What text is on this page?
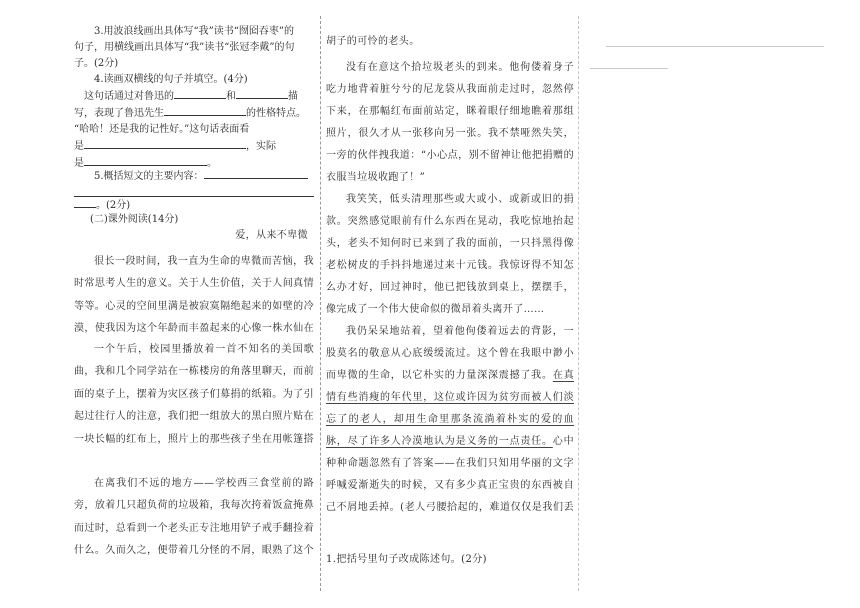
3.用波浪线画出具体写“我”读书“囫囵吞枣”的
句子，用横线画出具体写“我”读书“张冠李戴”的句
子。(2分)
4.读画双横线的句子并填空。(4分)
这句话通过对鲁迅的	和	描
写，表现了鲁迅先生	的性格特点。
“哈哈！还是我的记性好。”这句话表面看
是	，实际
是	。
5.概括短文的主要内容：
。(2分)
(二)课外阅读(14分)
爱，从来不卑微
很长一段时间，我一直为生命的卑微而苦恼，我时常思考人生的意义。关于人生价值，关于人间真情等等。心灵的空间里满是被寂寞隔绝起来的如壁的冷漠，使我因为这个年龄而丰盈起来的心像一株水仙在
一个午后，校园里播放着一首不知名的美国歌曲，我和几个同学站在一栋楼房的角落里聊天，而前面的桌子上，摆着为灾区孩子们募捐的纸箱。为了引起过往行人的注意，我们把一组放大的黑白照片贴在一块长幅的红布上，照片上的那些孩子坐在用帐篷搭
在离我们不远的地方——学校西三食堂前的路旁，放着几只超负荷的垃圾箱，我每次挎着饭盒掩鼻而过时，总看到一个老头正专注地用铲子戒手翻捡着什么。久而久之，便带着几分怪的不屑，眼熟了这个
胡子的可怜的老头。
没有在意这个拾垃圾老头的到来。他佝偻着身子吃力地背着脏兮兮的尼龙袋从我面前走过时，忽然停下来，在那幅红布面前站定，眯着眼仔细地瞧着那组照片，很久才从一张移向另一张。我不禁哑然失笑，一旁的伙伴拽我道：“小心点，别不留神让他把捐赠的衣服当垃圾收跑了！”
我笑笑，低头清理那些或大或小、或新或旧的捐款。突然感觉眼前有什么东西在晃动，我吃惊地抬起头，老头不知何时已来到了我的面前，一只抖黑得像老松树皮的手抖抖地递过来十元钱。我惊讶得不知怎么办才好，回过神时，他已把钱放到桌上，摆摆手，像完成了一个伟大使命似的微昂着头离开了……
我仍呆呆地站着，望着他佝偻着远去的背影，一股莫名的敬意从心底缓缓流过。这个曾在我眼中渺小而卑微的生命，以它朴实的力量深深震撼了我。在真情有些消瘦的年代里，这位或许因为贫穷而被人们淡忘了的老人，却用生命里那条流淌着朴实的爱的血脉，尽了许多人冷漠地认为是义务的一点责任。心中种种命题忽然有了答案——在我们只知用华丽的文字呼喊爱渐逝失的时候，又有多少真正宝贵的东西被自己不屑地丢掉。(老人弓腰拾起的，难道仅仅是我们丢
1.把括号里句子改成陈述句。(2分)
